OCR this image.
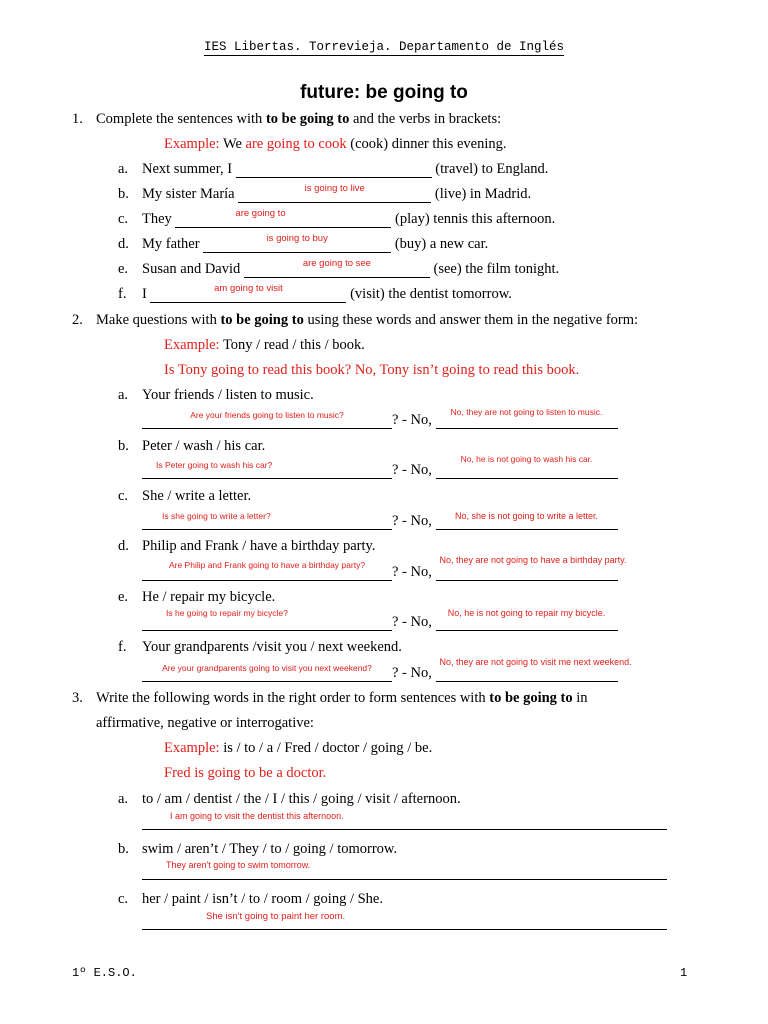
IES Libertas. Torrevieja. Departamento de Inglés
future: be going to
1. Complete the sentences with to be going to and the verbs in brackets:
Example: We are going to cook (cook) dinner this evening.
a. Next summer, I	(travel) to England.
b. My sister María	is going to live	(live) in Madrid.
c. They	are going to	(play) tennis this afternoon.
d. My father	is going to buy	(buy) a new car.
e. Susan and David	are going to see	(see) the film tonight.
f.	I	am going to visit	(visit) the dentist tomorrow.
2. Make questions with to be going to using these words and answer them in the negative form:
Example: Tony / read / this / book.
Is Tony going to read this book? No, Tony isn’t going to read this book.
a. Your friends / listen to music.
Are your friends going to listen to music?	? - No,	No, they are not going to listen to music.
b. Peter / wash / his car.
Is Peter going to wash his car?	? - No,
No, he is not going to wash his car.
c. She / write a letter.
Is she going to write a letter?	? - No,	No, she is not going to write a letter.
d. Philip and Frank / have a birthday party.
Are Philip and Frank going to have a birthday party?	? - No,
No, they are not going to have a birthday party.
e. He / repair my bicycle.
Is he going to repair my bicycle?
? - No,
No, he is not going to repair my bicycle.
f.	Your grandparents /visit you / next weekend.
Are your grandparents going to visit you next weekend?	? - No,
No, they are not going to visit me next weekend.
3. Write the following words in the right order to form sentences with to be going to in
affirmative, negative or interrogative:
Example: is / to / a / Fred / doctor / going / be.
Fred is going to be a doctor.
a. to / am / dentist / the / I / this / going / visit / afternoon.
I am going to visit the dentist this afternoon.
b. swim / aren’t / They / to / going / tomorrow.
They aren't going to swim tomorrow.
c. her / paint / isn’t / to / room / going / She.
She isn't going to paint her room.
1º E.S.O.	1
